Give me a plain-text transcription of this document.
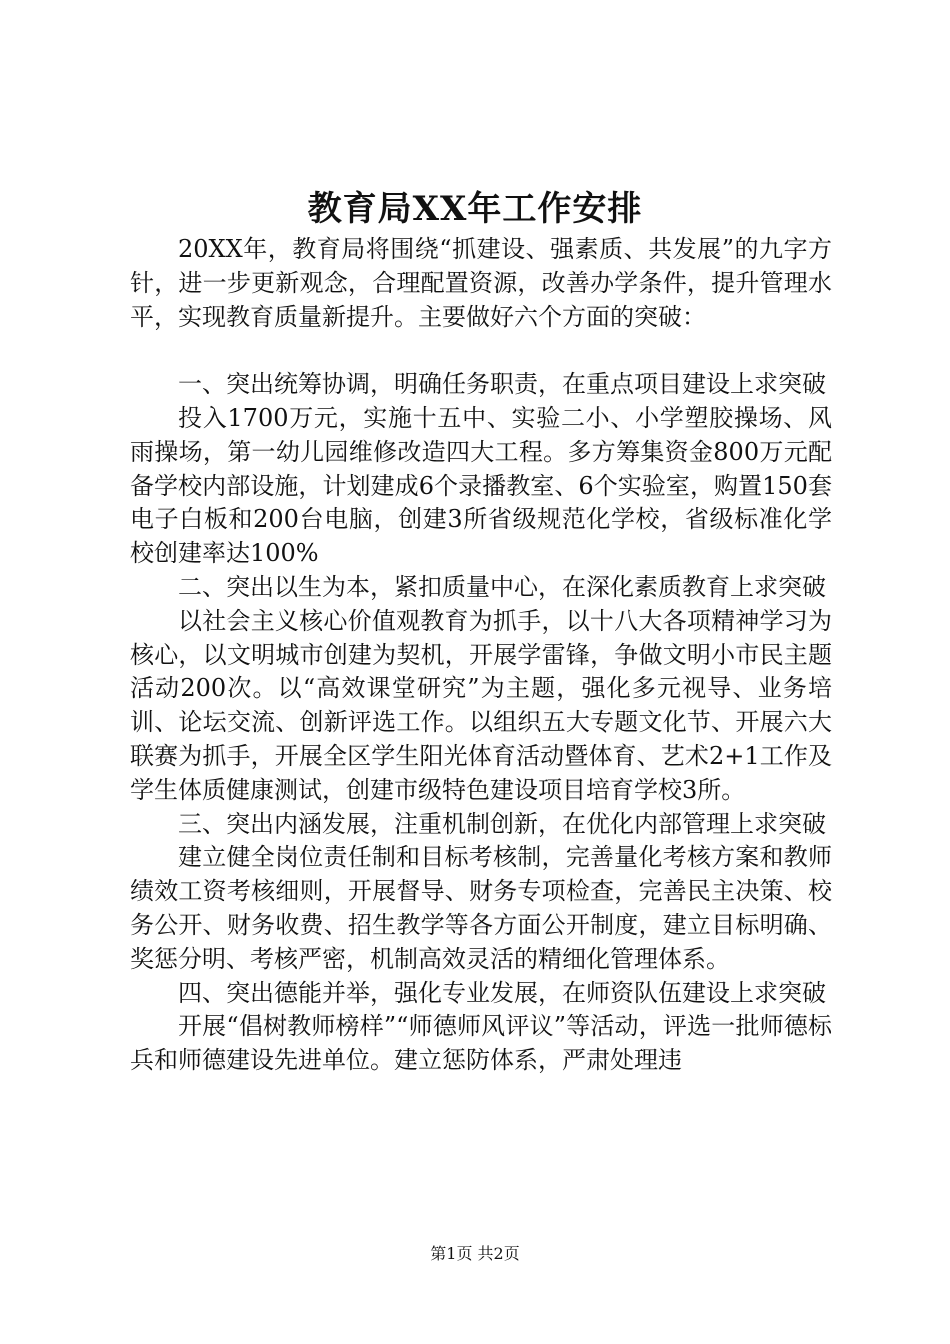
教育局XX年工作安排

20XX年，教育局将围绕“抓建设、强素质、共发展”的九字方针，进一步更新观念，合理配置资源，改善办学条件，提升管理水平，实现教育质量新提升。主要做好六个方面的突破：

一、突出统筹协调，明确任务职责，在重点项目建设上求突破

投入1700万元，实施十五中、实验二小、小学塑胶操场、风雨操场，第一幼儿园维修改造四大工程。多方筹集资金800万元配备学校内部设施，计划建成6个录播教室、6个实验室，购置150套电子白板和200台电脑，创建3所省级规范化学校，省级标准化学校创建率达100%

二、突出以生为本，紧扣质量中心，在深化素质教育上求突破

以社会主义核心价值观教育为抓手，以十八大各项精神学习为核心，以文明城市创建为契机，开展学雷锋，争做文明小市民主题活动200次。以“高效课堂研究”为主题，强化多元视导、业务培训、论坛交流、创新评选工作。以组织五大专题文化节、开展六大联赛为抓手，开展全区学生阳光体育活动暨体育、艺术2+1工作及学生体质健康测试，创建市级特色建设项目培育学校3所。

三、突出内涵发展，注重机制创新，在优化内部管理上求突破

建立健全岗位责任制和目标考核制，完善量化考核方案和教师绩效工资考核细则，开展督导、财务专项检查，完善民主决策、校务公开、财务收费、招生教学等各方面公开制度，建立目标明确、奖惩分明、考核严密，机制高效灵活的精细化管理体系。

四、突出德能并举，强化专业发展，在师资队伍建设上求突破

开展“倡树教师榜样”“师德师风评议”等活动，评选一批师德标兵和师德建设先进单位。建立惩防体系，严肃处理违

第1页 共2页
